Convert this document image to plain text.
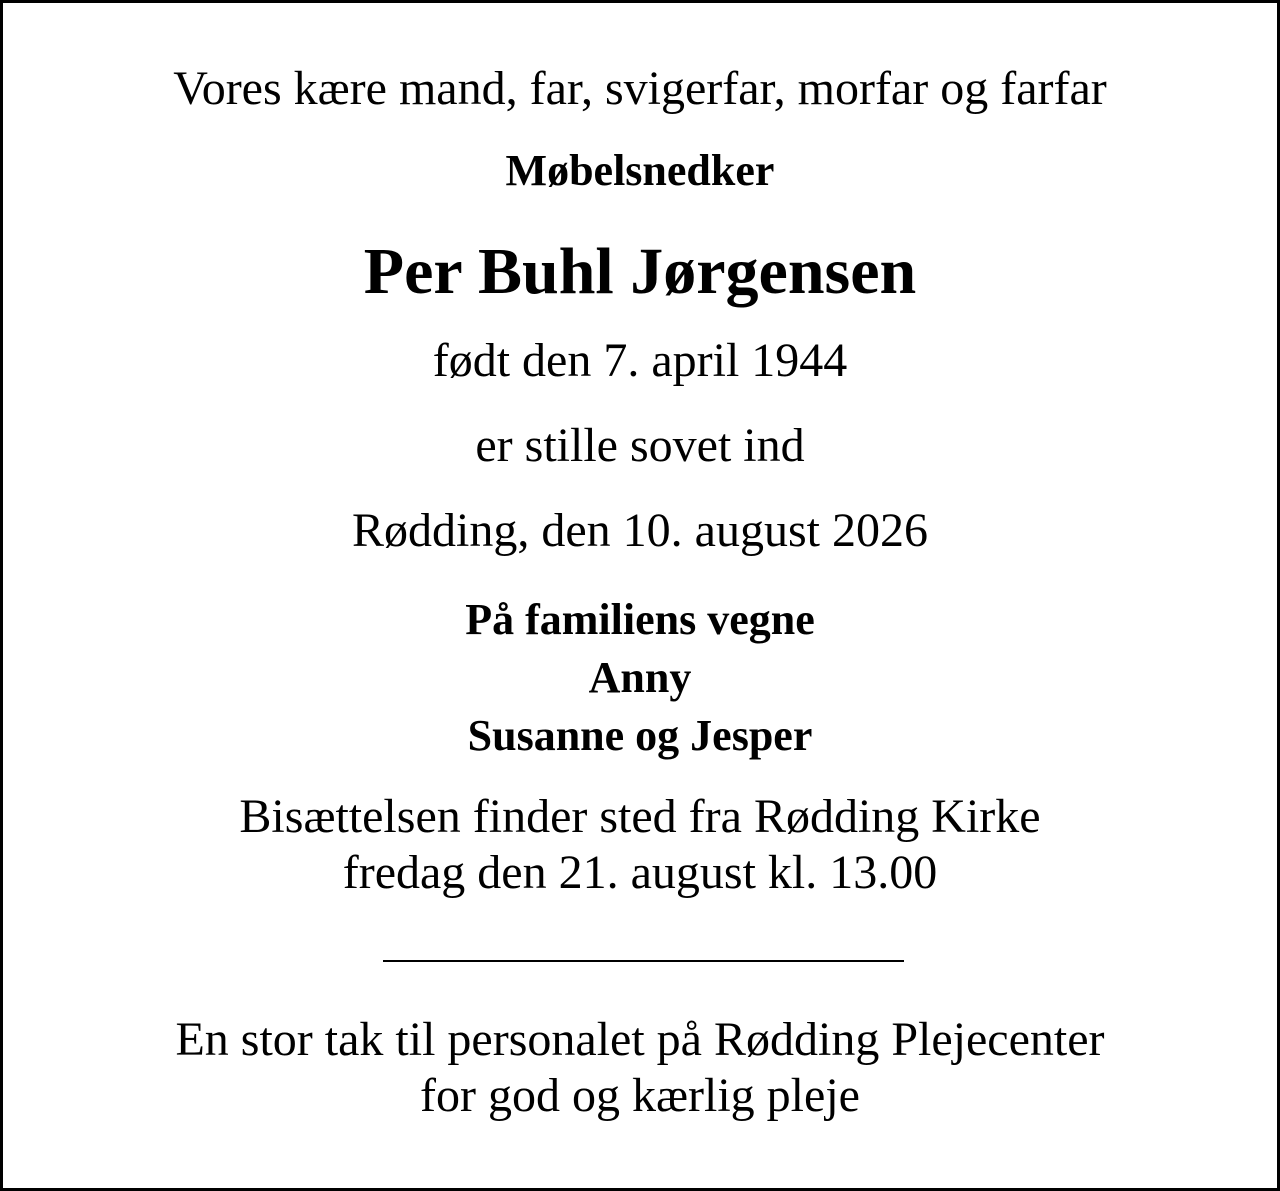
Vores kære mand, far, svigerfar, morfar og farfar

Møbelsnedker

Per Buhl Jørgensen

født den 7. april 1944

er stille sovet ind

Rødding, den 10. august 2026

På familiens vegne
Anny
Susanne og Jesper
Bisættelsen finder sted fra Rødding Kirke
fredag den 21. august kl. 13.00
En stor tak til personalet på Rødding Plejecenter
for god og kærlig pleje
